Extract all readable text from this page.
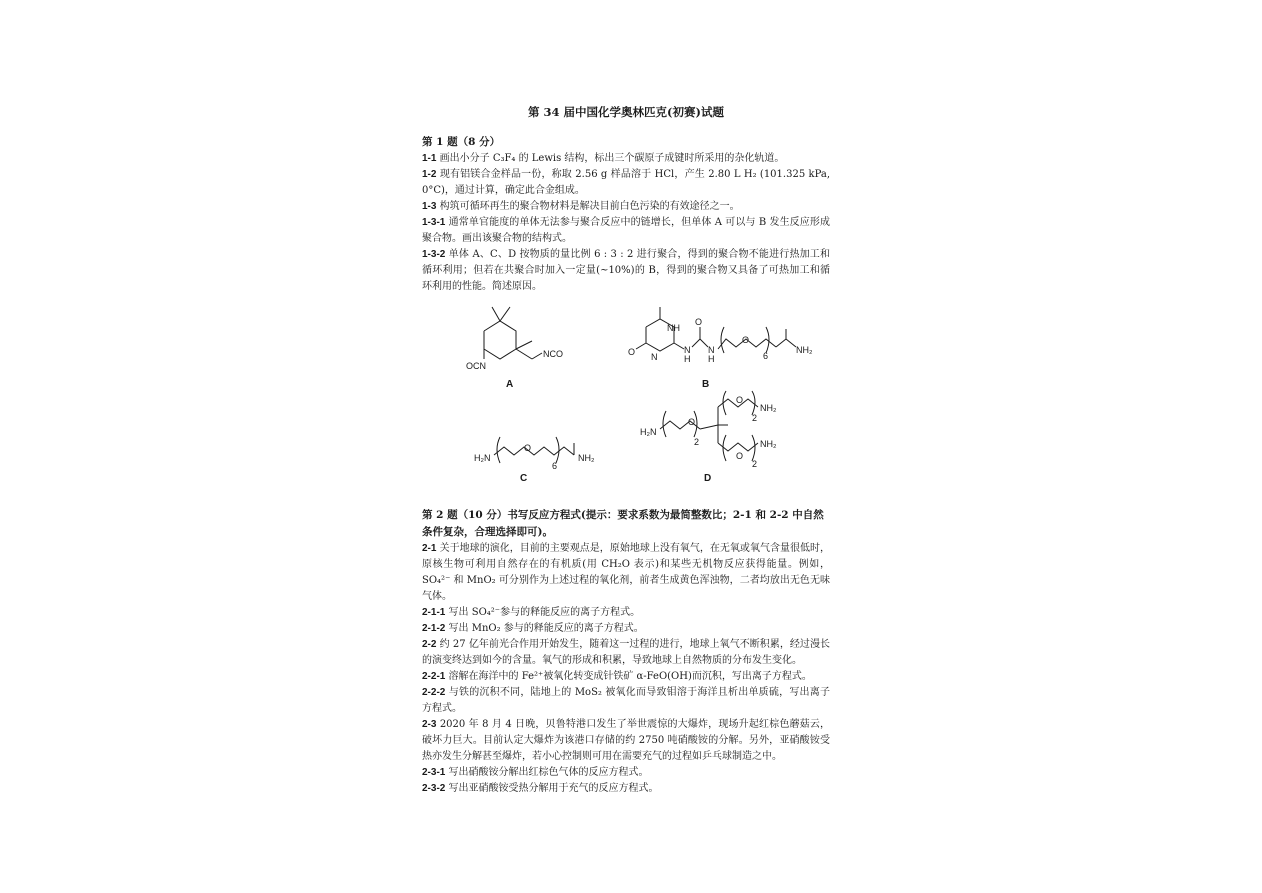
第 34 届中国化学奥林匹克(初赛)试题
第 1 题（8 分）

1-1 画出小分子 C₃F₄ 的 Lewis 结构，标出三个碳原子成键时所采用的杂化轨道。

1-2 现有铝镁合金样品一份，称取 2.56 g 样品溶于 HCl，产生 2.80 L H₂ (101.325 kPa, 0°C)，通过计算，确定此合金组成。

1-3 构筑可循环再生的聚合物材料是解决目前白色污染的有效途径之一。

1-3-1 通常单官能度的单体无法参与聚合反应中的链增长，但单体 A 可以与 B 发生反应形成聚合物。画出该聚合物的结构式。

1-3-2 单体 A、C、D 按物质的量比例 6 : 3 : 2 进行聚合，得到的聚合物不能进行热加工和循环利用；但若在共聚合时加入一定量(~10%)的 B，得到的聚合物又具备了可热加工和循环利用的性能。简述原因。

OCN
NCO
A
NH
O
O N
N
H H
N
O
6
NH₂
B
H₂N
O
6
NH₂
C
H₂N
O
2
O
2
NH₂
O
2
NH₂
D
第 2 题（10 分）书写反应方程式(提示：要求系数为最简整数比；2-1 和 2-2 中自然条件复杂，合理选择即可)。

2-1 关于地球的演化，目前的主要观点是，原始地球上没有氧气，在无氧或氧气含量很低时，原核生物可利用自然存在的有机质(用 CH₂O 表示)和某些无机物反应获得能量。例如，SO₄²⁻ 和 MnO₂ 可分别作为上述过程的氧化剂，前者生成黄色浑浊物，二者均放出无色无味气体。

2-1-1 写出 SO₄²⁻参与的释能反应的离子方程式。

2-1-2 写出 MnO₂ 参与的释能反应的离子方程式。

2-2 约 27 亿年前光合作用开始发生，随着这一过程的进行，地球上氧气不断积累，经过漫长的演变终达到如今的含量。氧气的形成和积累，导致地球上自然物质的分布发生变化。

2-2-1 溶解在海洋中的 Fe²⁺被氧化转变成针铁矿 α-FeO(OH)而沉积，写出离子方程式。

2-2-2 与铁的沉积不同，陆地上的 MoS₂ 被氧化而导致钼溶于海洋且析出单质硫，写出离子方程式。

2-3 2020 年 8 月 4 日晚，贝鲁特港口发生了举世震惊的大爆炸，现场升起红棕色蘑菇云，破坏力巨大。目前认定大爆炸为该港口存储的约 2750 吨硝酸铵的分解。另外，亚硝酸铵受热亦发生分解甚至爆炸，若小心控制则可用在需要充气的过程如乒乓球制造之中。

2-3-1 写出硝酸铵分解出红棕色气体的反应方程式。

2-3-2 写出亚硝酸铵受热分解用于充气的反应方程式。
